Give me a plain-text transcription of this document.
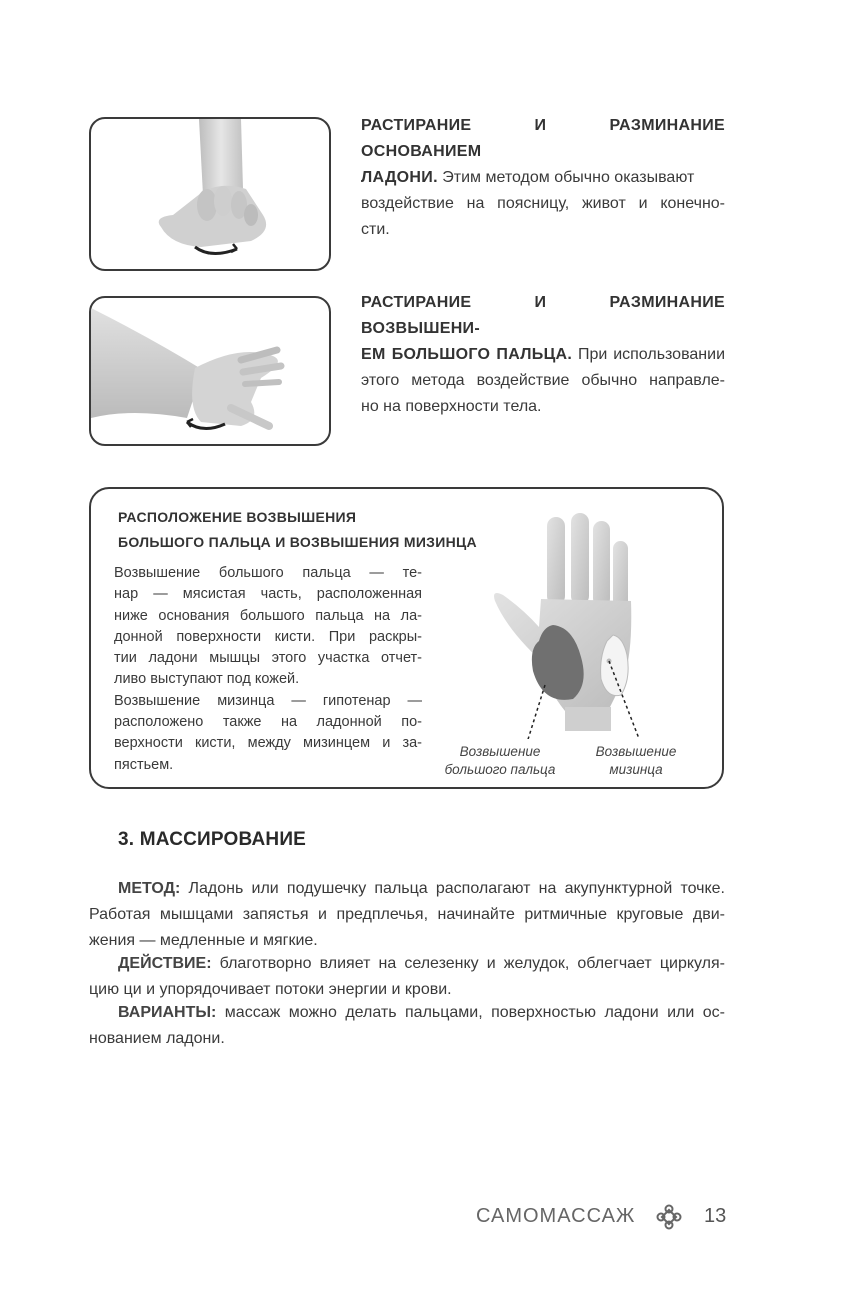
РАСТИРАНИЕ И РАЗМИНАНИЕ ОСНОВАНИЕМ
ЛАДОНИ. Этим методом обычно оказывают
воздействие на поясницу, живот и конечно-
сти.
РАСТИРАНИЕ И РАЗМИНАНИЕ ВОЗВЫШЕНИ-
ЕМ БОЛЬШОГО ПАЛЬЦА. При использовании
этого метода воздействие обычно направле-
но на поверхности тела.
РАСПОЛОЖЕНИЕ ВОЗВЫШЕНИЯ
БОЛЬШОГО ПАЛЬЦА И ВОЗВЫШЕНИЯ МИЗИНЦА

Возвышение большого пальца — те-
нар — мясистая часть, расположенная
ниже основания большого пальца на ла-
донной поверхности кисти. При раскры-
тии ладони мышцы этого участка отчет-
ливо выступают под кожей.

Возвышение мизинца — гипотенар —
расположено также на ладонной по-
верхности кисти, между мизинцем и за-
пястьем.

Возвышение
большого пальца
Возвышение
мизинца
3. МАССИРОВАНИЕ
МЕТОД: Ладонь или подушечку пальца располагают на акупунктурной точке.
Работая мышцами запястья и предплечья, начинайте ритмичные круговые дви-
жения — медленные и мягкие.
ДЕЙСТВИЕ: благотворно влияет на селезенку и желудок, облегчает циркуля-
цию ци и упорядочивает потоки энергии и крови.
ВАРИАНТЫ: массаж можно делать пальцами, поверхностью ладони или ос-
нованием ладони.
САМОМАССАЖ	13
